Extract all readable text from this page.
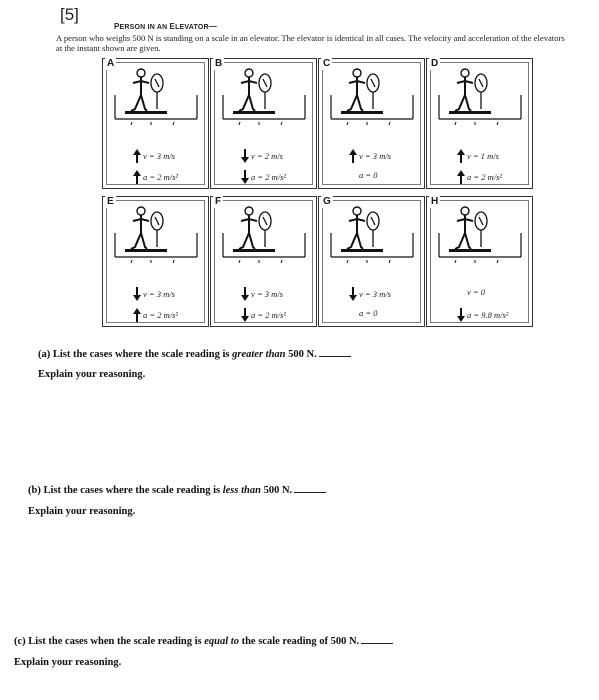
[5]
PERSON IN AN ELEVATOR—
A person who weighs 500 N is standing on a scale in an elevator. The elevator is identical in all cases. The velocity and acceleration of the elevators at the instant shown are given.
A
v = 3 m/s
a = 2 m/s²
B
v = 2 m/s
a = 2 m/s²
C
v = 3 m/s
a = 0
D
v = 1 m/s
a = 2 m/s²
E
v = 3 m/s
a = 2 m/s²
F
v = 3 m/s
a = 2 m/s²
G
v = 3 m/s
a = 0
H
v = 0
a = 9.8 m/s²
(a) List the cases where the scale reading is greater than 500 N.
Explain your reasoning.
(b) List the cases where the scale reading is less than 500 N.
Explain your reasoning.
(c) List the cases when the scale reading is equal to the scale reading of 500 N.
Explain your reasoning.
